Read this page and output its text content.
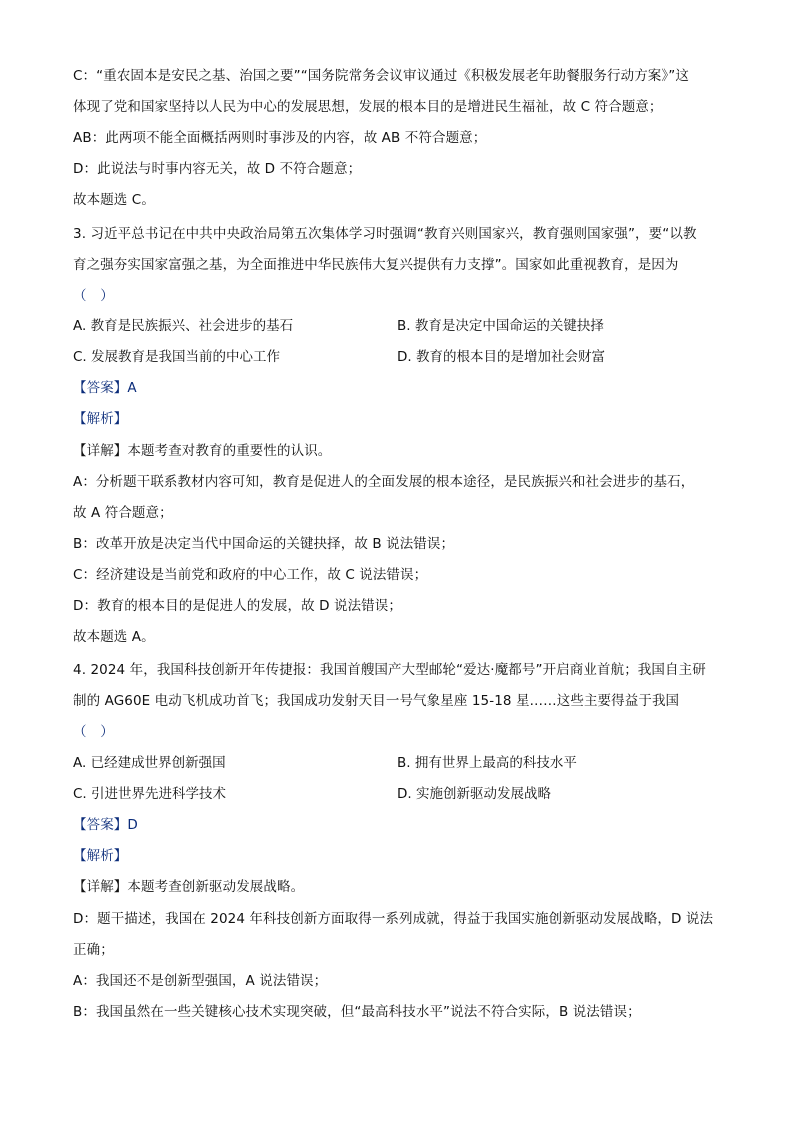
C：“重农固本是安民之基、治国之要”“国务院常务会议审议通过《积极发展老年助餐服务行动方案》”这
体现了党和国家坚持以人民为中心的发展思想，发展的根本目的是增进民生福祉，故 C 符合题意；
AB：此两项不能全面概括两则时事涉及的内容，故 AB 不符合题意；
D：此说法与时事内容无关，故 D 不符合题意；
故本题选 C。
3. 习近平总书记在中共中央政治局第五次集体学习时强调“教育兴则国家兴，教育强则国家强”，要“以教
育之强夯实国家富强之基，为全面推进中华民族伟大复兴提供有力支撑”。国家如此重视教育，是因为
（　）
A. 教育是民族振兴、社会进步的基石	B. 教育是决定中国命运的关键抉择
C. 发展教育是我国当前的中心工作	D. 教育的根本目的是增加社会财富
【答案】A
【解析】
【详解】本题考查对教育的重要性的认识。
A：分析题干联系教材内容可知，教育是促进人的全面发展的根本途径，是民族振兴和社会进步的基石，
故 A 符合题意；
B：改革开放是决定当代中国命运的关键抉择，故 B 说法错误；
C：经济建设是当前党和政府的中心工作，故 C 说法错误；
D：教育的根本目的是促进人的发展，故 D 说法错误；
故本题选 A。
4. 2024 年，我国科技创新开年传捷报：我国首艘国产大型邮轮“爱达·魔都号”开启商业首航；我国自主研
制的 AG60E 电动飞机成功首飞；我国成功发射天目一号气象星座 15-18 星……这些主要得益于我国
（　）
A. 已经建成世界创新强国	B. 拥有世界上最高的科技水平
C. 引进世界先进科学技术	D. 实施创新驱动发展战略
【答案】D
【解析】
【详解】本题考查创新驱动发展战略。
D：题干描述，我国在 2024 年科技创新方面取得一系列成就，得益于我国实施创新驱动发展战略，D 说法
正确；
A：我国还不是创新型强国，A 说法错误；
B：我国虽然在一些关键核心技术实现突破，但“最高科技水平”说法不符合实际，B 说法错误；
